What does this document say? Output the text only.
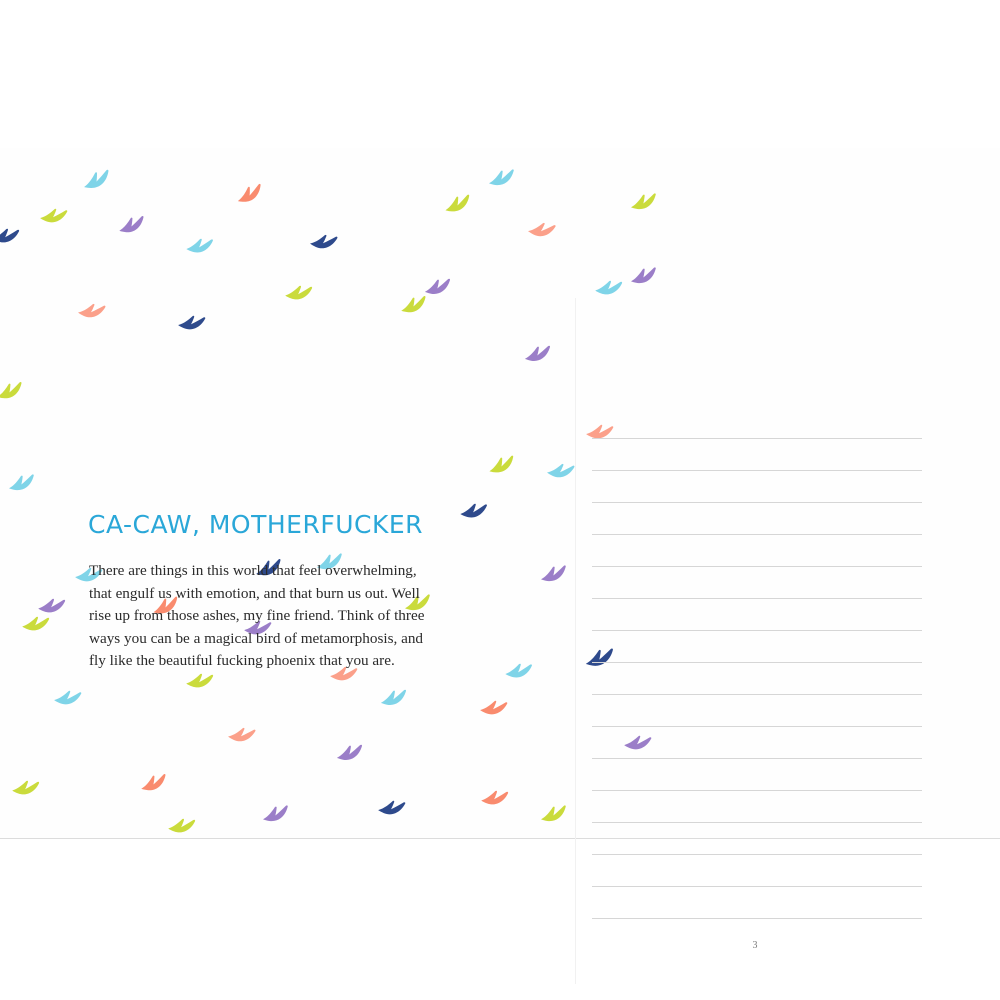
CA-CAW, MOTHERFUCKER
There are things in this world that feel overwhelming, that engulf us with emotion, and that burn us out. Well rise up from those ashes, my fine friend. Think of three ways you can be a magical bird of metamorphosis, and fly like the beautiful fucking phoenix that you are.
3
